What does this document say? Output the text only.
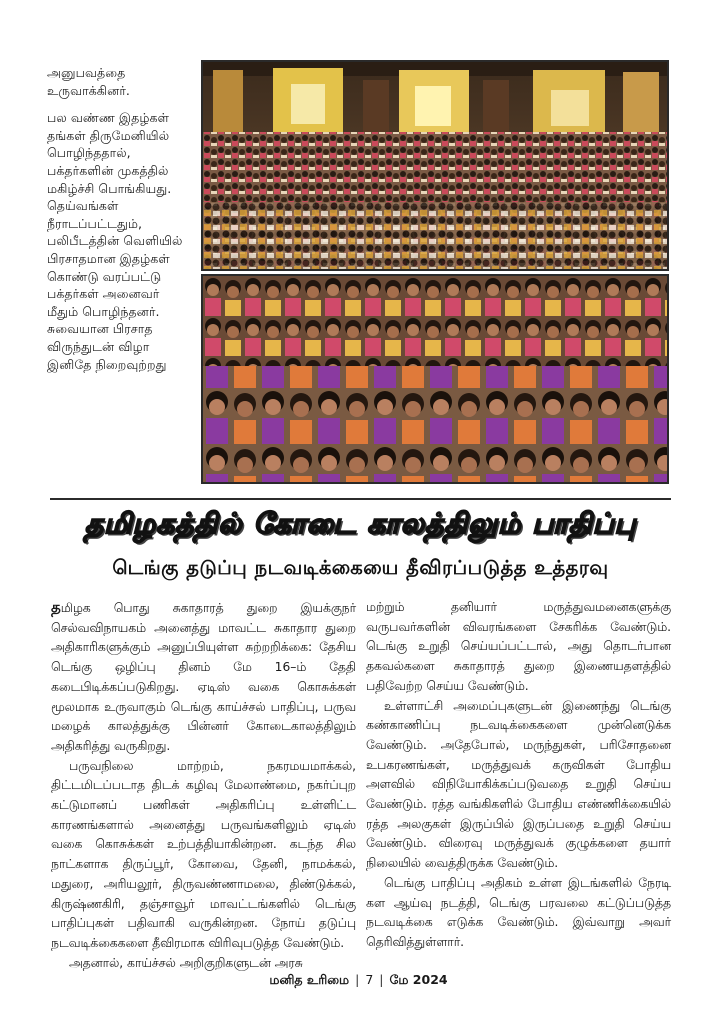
அனுபவத்தை உருவாக்கினர்.

பல வண்ண இதழ்கள் தங்கள் திருமேனியில் பொழிந்ததால், பக்தர்களின் முகத்தில் மகிழ்ச்சி பொங்கியது. தெய்வங்கள் நீராடப்பட்டதும், பலிபீடத்தின் வெளியில் பிரசாதமான இதழ்கள் கொண்டு வரப்பட்டு பக்தர்கள் அனைவர் மீதும் பொழிந்தனர். சுவையான பிரசாத விருந்துடன் விழா இனிதே நிறைவுற்றது

தமிழகத்தில் கோடை காலத்திலும் பாதிப்பு
டெங்கு தடுப்பு நடவடிக்கையை தீவிரப்படுத்த உத்தரவு

தமிழக பொது சுகாதாரத் துறை இயக்குநர் செல்வவிநாயகம் அனைத்து மாவட்ட சுகாதார துறை அதிகாரிகளுக்கும் அனுப்பியுள்ள சுற்றறிக்கை: தேசிய டெங்கு ஒழிப்பு தினம் மே 16–ம் தேதி கடைபிடிக்கப்படுகிறது. ஏடிஸ் வகை கொசுக்கள் மூலமாக உருவாகும் டெங்கு காய்ச்சல் பாதிப்பு, பருவ மழைக் காலத்துக்கு பின்னர் கோடைகாலத்திலும் அதிகரித்து வருகிறது.

பருவநிலை மாற்றம், நகரமயமாக்கல், திட்டமிடப்படாத திடக் கழிவு மேலாண்மை, நகர்ப்புற கட்டுமானப் பணிகள் அதிகரிப்பு உள்ளிட்ட காரணங்களால் அனைத்து பருவங்களிலும் ஏடிஸ் வகை கொசுக்கள் உற்பத்தியாகின்றன. கடந்த சில நாட்களாக திருப்பூர், கோவை, தேனி, நாமக்கல், மதுரை, அரியலூர், திருவண்ணாமலை, திண்டுக்கல், கிருஷ்ணகிரி, தஞ்சாவூர் மாவட்டங்களில் டெங்கு பாதிப்புகள் பதிவாகி வருகின்றன. நோய் தடுப்பு நடவடிக்கைகளை தீவிரமாக விரிவுபடுத்த வேண்டும்.

அதனால், காய்ச்சல் அறிகுறிகளுடன் அரசு

மற்றும் தனியார் மருத்துவமனைகளுக்கு வருபவர்களின் விவரங்களை சேகரிக்க வேண்டும். டெங்கு உறுதி செய்யப்பட்டால், அது தொடர்பான தகவல்களை சுகாதாரத் துறை இணையதளத்தில் பதிவேற்ற செய்ய வேண்டும்.

உள்ளாட்சி அமைப்புகளுடன் இணைந்து டெங்கு கண்காணிப்பு நடவடிக்கைகளை முன்னெடுக்க வேண்டும். அதேபோல், மருந்துகள், பரிசோதனை உபகரணங்கள், மருத்துவக் கருவிகள் போதிய அளவில் விநியோகிக்கப்படுவதை உறுதி செய்ய வேண்டும். ரத்த வங்கிகளில் போதிய எண்ணிக்கையில் ரத்த அலகுகள் இருப்பில் இருப்பதை உறுதி செய்ய வேண்டும். விரைவு மருத்துவக் குழுக்களை தயார் நிலையில் வைத்திருக்க வேண்டும்.

டெங்கு பாதிப்பு அதிகம் உள்ள இடங்களில் நேரடி கள ஆய்வு நடத்தி, டெங்கு பரவலை கட்டுப்படுத்த நடவடிக்கை எடுக்க வேண்டும். இவ்வாறு அவர் தெரிவித்துள்ளார்.

மனித உரிமை | 7 | மே 2024
